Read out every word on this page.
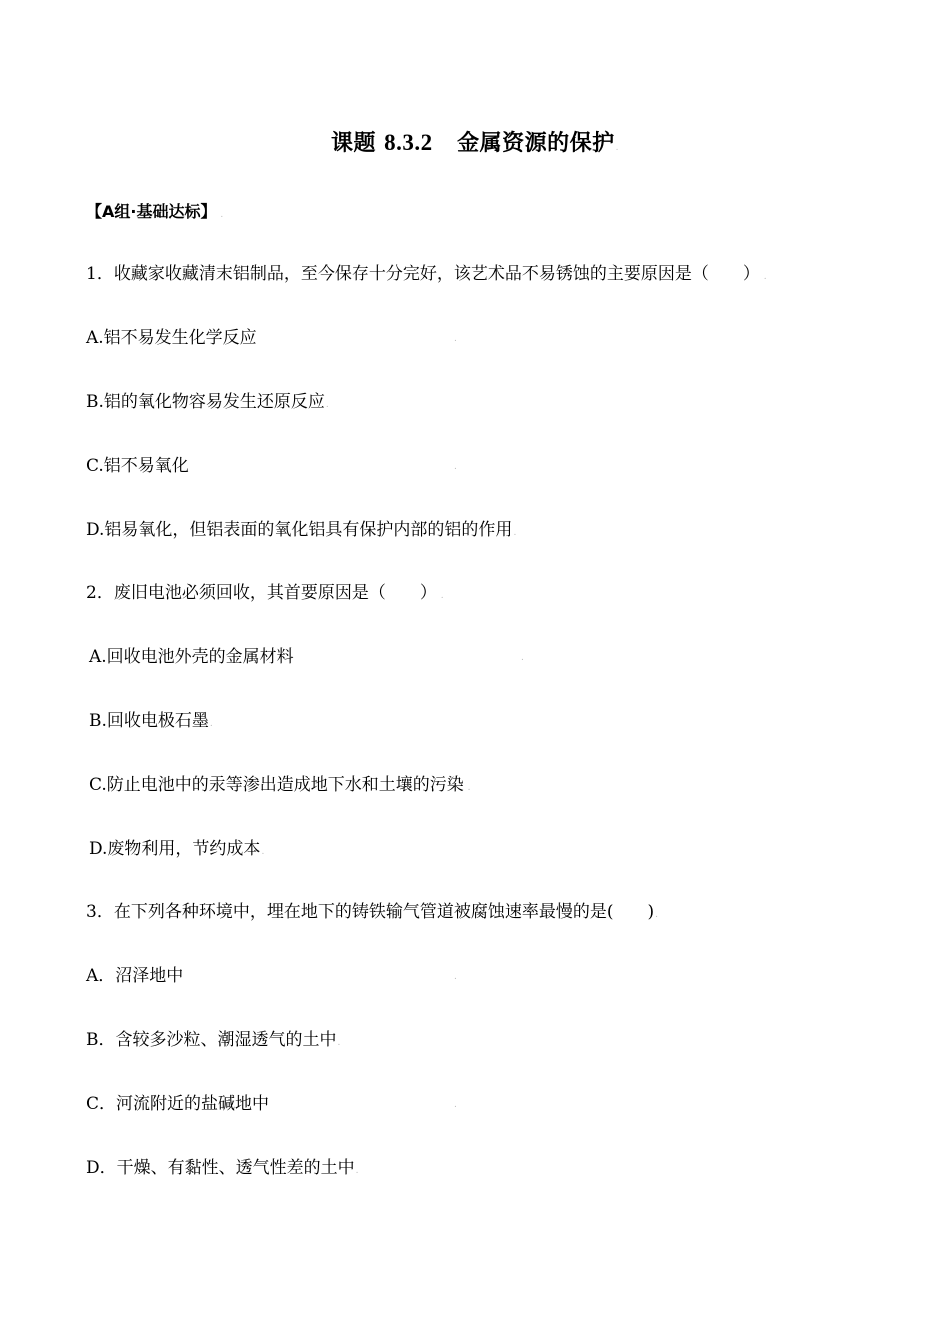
课题 8.3.2 金属资源的保护.
【A组·基础达标】 .
1．收藏家收藏清末铝制品，至今保存十分完好，该艺术品不易锈蚀的主要原因是（　　） .
A.铝不易发生化学反应	.
B.铝的氧化物容易发生还原反应.
C.铝不易氧化	.
D.铝易氧化，但铝表面的氧化铝具有保护内部的铝的作用.
2．废旧电池必须回收，其首要原因是（　　） .
A.回收电池外壳的金属材料	.
B.回收电极石墨.
C.防止电池中的汞等渗出造成地下水和土壤的污染 .
D.废物利用，节约成本.
3．在下列各种环境中，埋在地下的铸铁输气管道被腐蚀速率最慢的是(　　).
A．沼泽地中	.
B．含较多沙粒、潮湿透气的土中.
C．河流附近的盐碱地中	.
D．干燥、有黏性、透气性差的土中.
